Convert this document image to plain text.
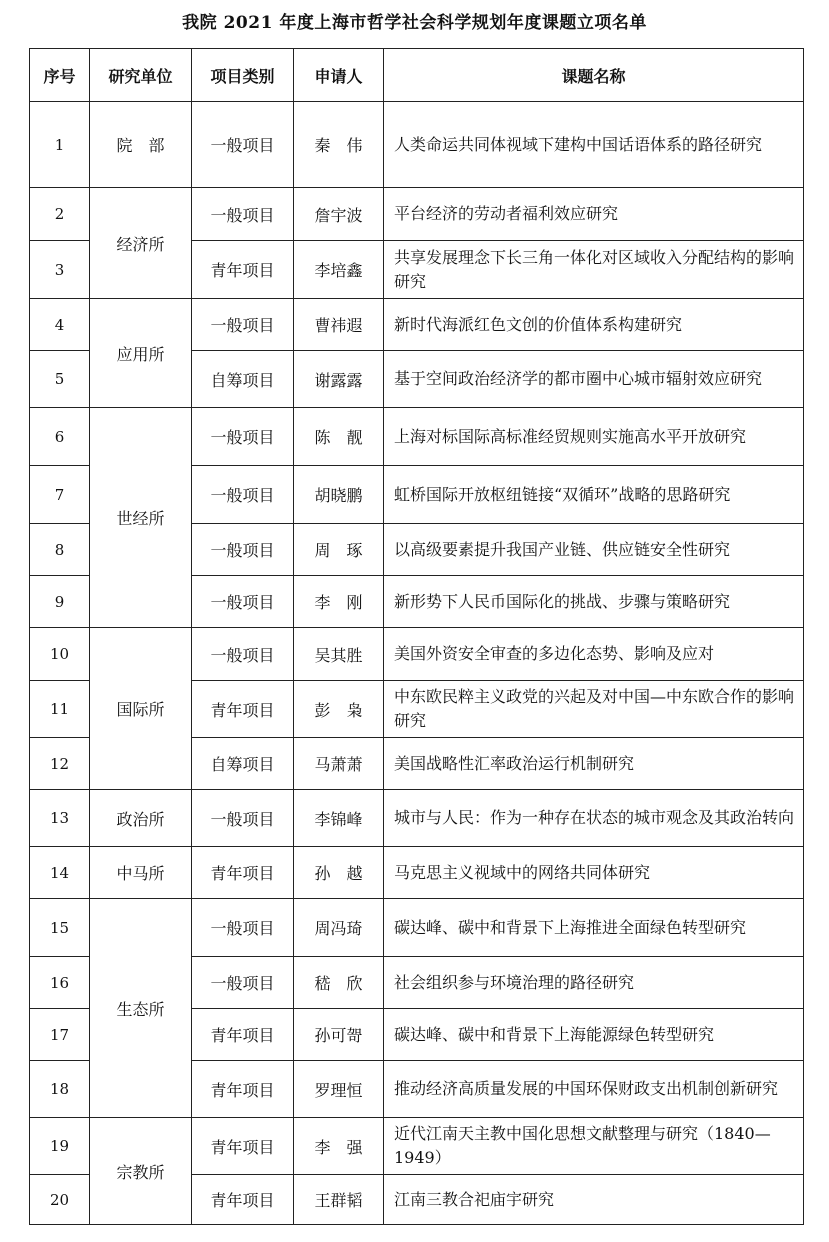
我院 2021 年度上海市哲学社会科学规划年度课题立项名单
序号	研究单位	项目类别	申请人	课题名称
1	院　部	一般项目	秦　伟	人类命运共同体视域下建构中国话语体系的路径研究
2	经济所	一般项目	詹宇波	平台经济的劳动者福利效应研究
3		青年项目	李培鑫	共享发展理念下长三角一体化对区域收入分配结构的影响研究
4	应用所	一般项目	曹祎遐	新时代海派红色文创的价值体系构建研究
5		自筹项目	谢露露	基于空间政治经济学的都市圈中心城市辐射效应研究
6	世经所	一般项目	陈　靓	上海对标国际高标准经贸规则实施高水平开放研究
7		一般项目	胡晓鹏	虹桥国际开放枢纽链接“双循环”战略的思路研究
8		一般项目	周　琢	以高级要素提升我国产业链、供应链安全性研究
9		一般项目	李　刚	新形势下人民币国际化的挑战、步骤与策略研究
10	国际所	一般项目	吴其胜	美国外资安全审查的多边化态势、影响及应对
11		青年项目	彭　枭	中东欧民粹主义政党的兴起及对中国—中东欧合作的影响研究
12		自筹项目	马萧萧	美国战略性汇率政治运行机制研究
13	政治所	一般项目	李锦峰	城市与人民：作为一种存在状态的城市观念及其政治转向
14	中马所	青年项目	孙　越	马克思主义视域中的网络共同体研究
15	生态所	一般项目	周冯琦	碳达峰、碳中和背景下上海推进全面绿色转型研究
16		一般项目	嵇　欣	社会组织参与环境治理的路径研究
17		青年项目	孙可哿	碳达峰、碳中和背景下上海能源绿色转型研究
18		青年项目	罗理恒	推动经济高质量发展的中国环保财政支出机制创新研究
19	宗教所	青年项目	李　强	近代江南天主教中国化思想文献整理与研究（1840—1949）
20		青年项目	王群韬	江南三教合祀庙宇研究
